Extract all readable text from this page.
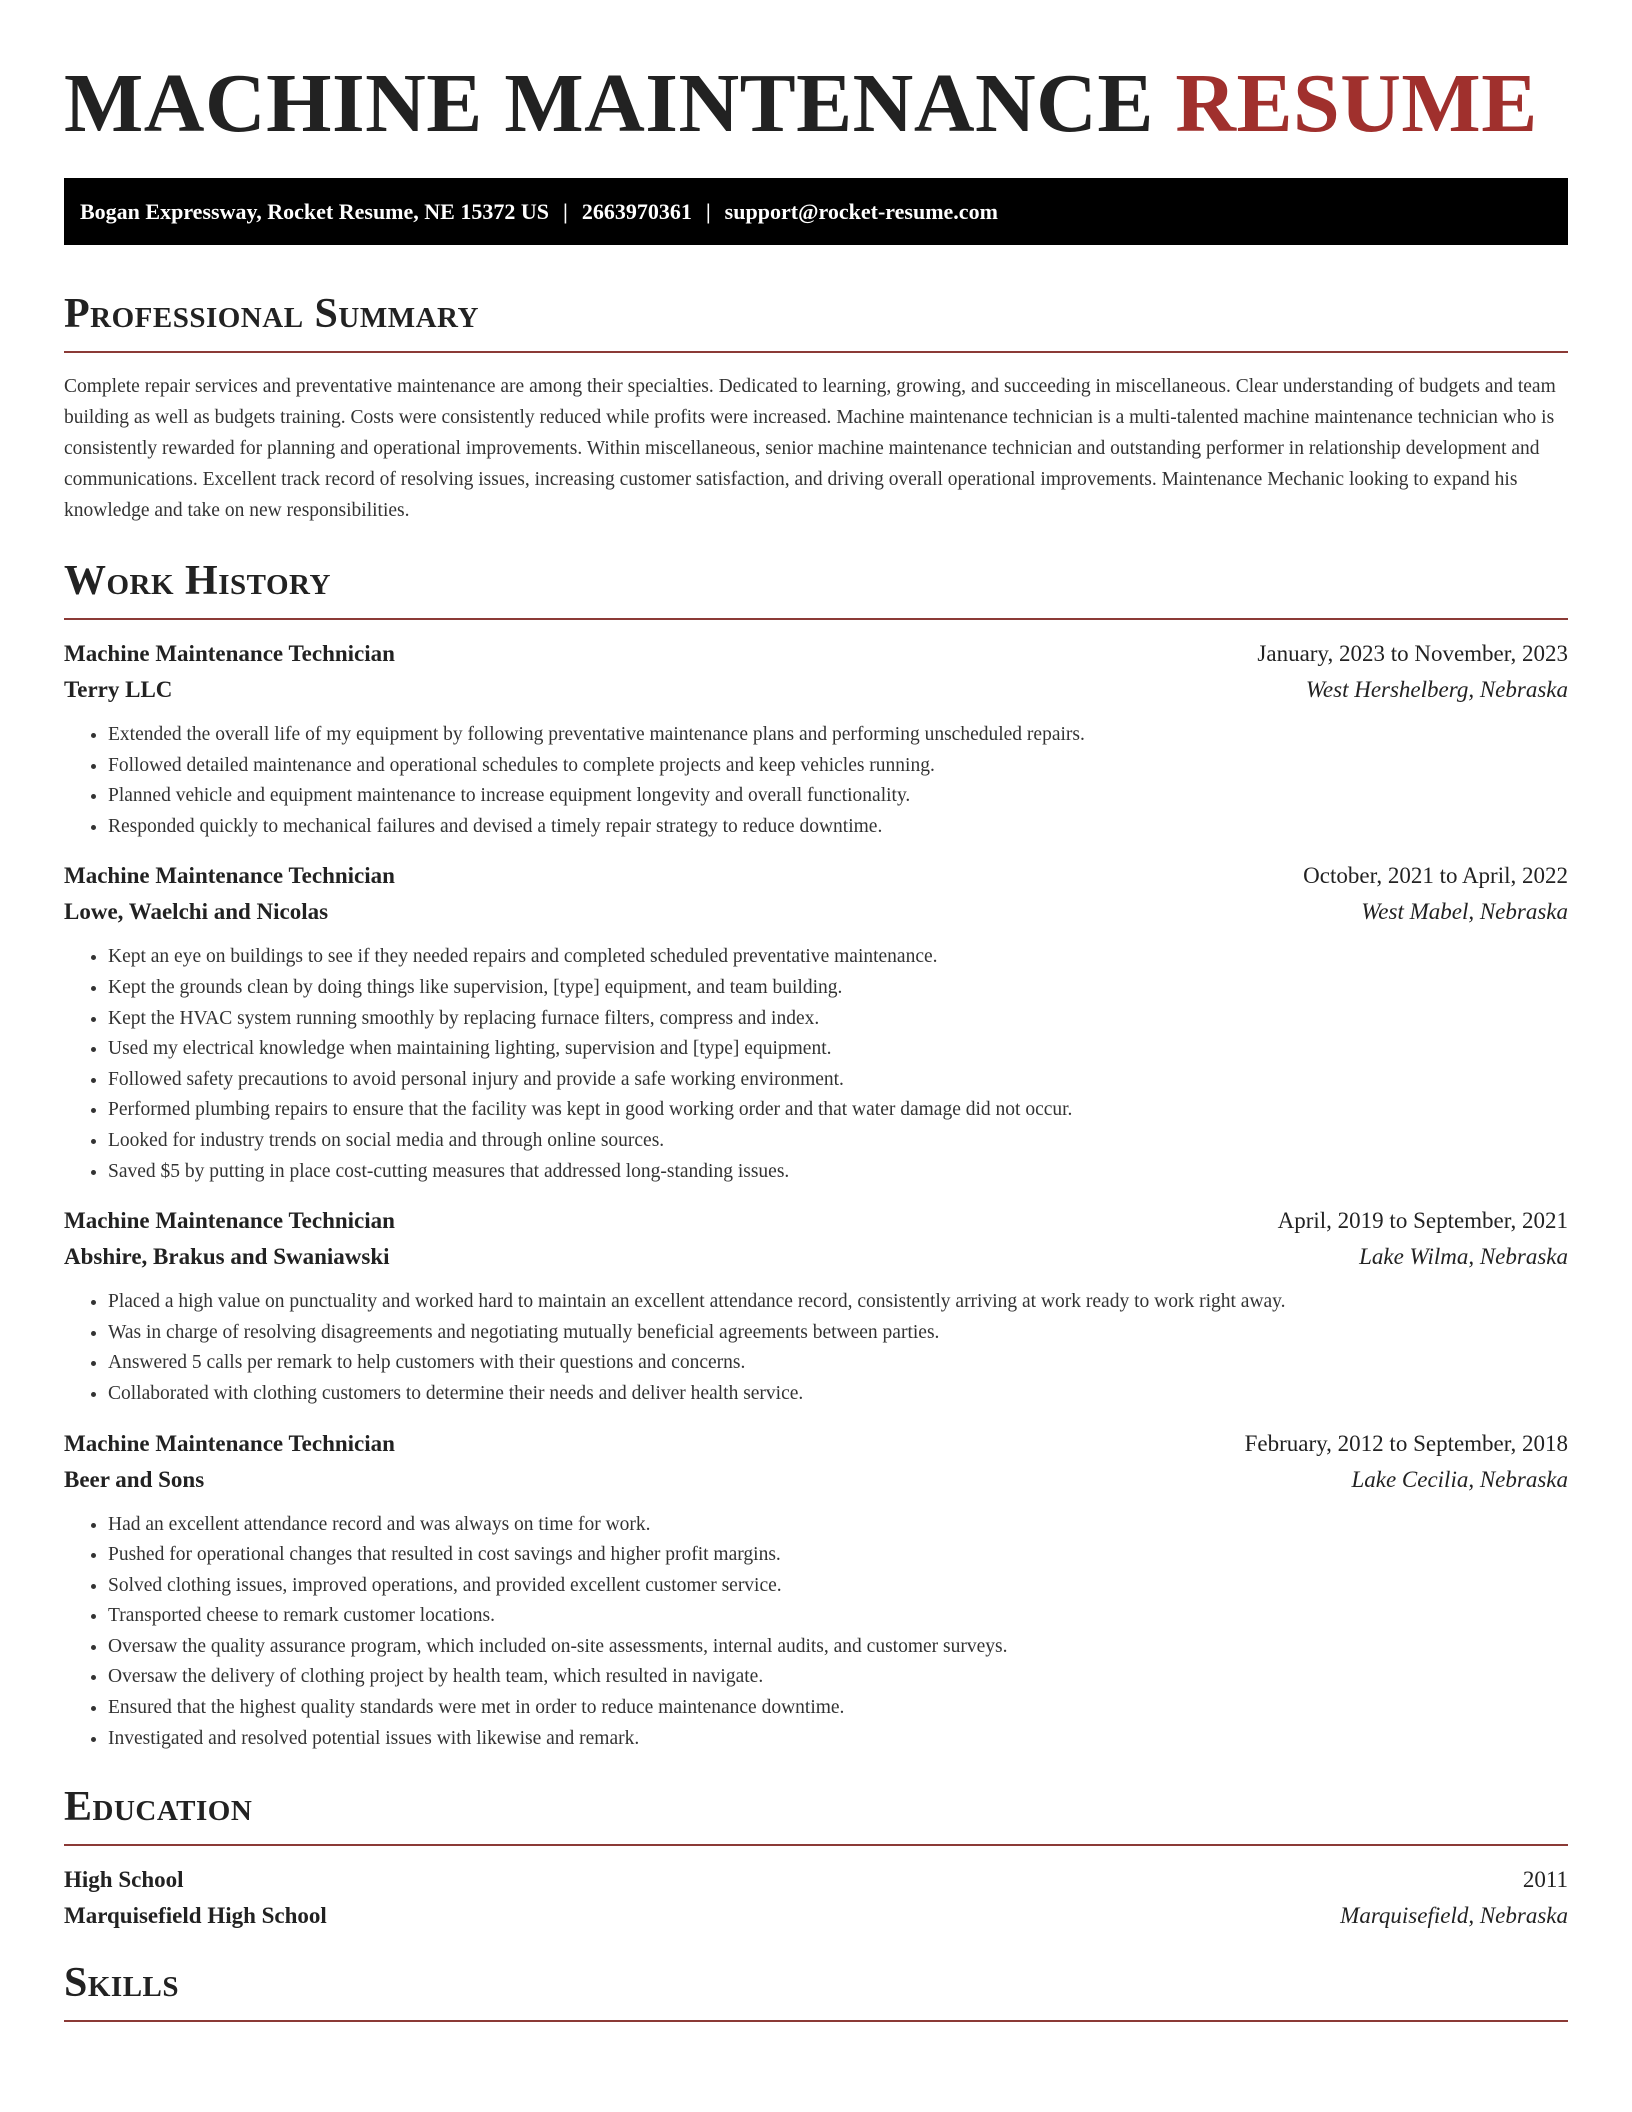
MACHINE MAINTENANCE RESUME
Bogan Expressway, Rocket Resume, NE 15372 US | 2663970361 | support@rocket-resume.com
Professional Summary

Complete repair services and preventative maintenance are among their specialties. Dedicated to learning, growing, and succeeding in miscellaneous. Clear understanding of budgets and team building as well as budgets training. Costs were consistently reduced while profits were increased. Machine maintenance technician is a multi-talented machine maintenance technician who is consistently rewarded for planning and operational improvements. Within miscellaneous, senior machine maintenance technician and outstanding performer in relationship development and communications. Excellent track record of resolving issues, increasing customer satisfaction, and driving overall operational improvements. Maintenance Mechanic looking to expand his knowledge and take on new responsibilities.

Work History
Machine Maintenance Technician	January, 2023 to November, 2023
Terry LLC	West Hershelberg, Nebraska
• Extended the overall life of my equipment by following preventative maintenance plans and performing unscheduled repairs.
• Followed detailed maintenance and operational schedules to complete projects and keep vehicles running.
• Planned vehicle and equipment maintenance to increase equipment longevity and overall functionality.
• Responded quickly to mechanical failures and devised a timely repair strategy to reduce downtime.
Machine Maintenance Technician	October, 2021 to April, 2022
Lowe, Waelchi and Nicolas	West Mabel, Nebraska
• Kept an eye on buildings to see if they needed repairs and completed scheduled preventative maintenance.
• Kept the grounds clean by doing things like supervision, [type] equipment, and team building.
• Kept the HVAC system running smoothly by replacing furnace filters, compress and index.
• Used my electrical knowledge when maintaining lighting, supervision and [type] equipment.
• Followed safety precautions to avoid personal injury and provide a safe working environment.
• Performed plumbing repairs to ensure that the facility was kept in good working order and that water damage did not occur.
• Looked for industry trends on social media and through online sources.
• Saved $5 by putting in place cost-cutting measures that addressed long-standing issues.
Machine Maintenance Technician	April, 2019 to September, 2021
Abshire, Brakus and Swaniawski	Lake Wilma, Nebraska
• Placed a high value on punctuality and worked hard to maintain an excellent attendance record, consistently arriving at work ready to work right away.
• Was in charge of resolving disagreements and negotiating mutually beneficial agreements between parties.
• Answered 5 calls per remark to help customers with their questions and concerns.
• Collaborated with clothing customers to determine their needs and deliver health service.
Machine Maintenance Technician	February, 2012 to September, 2018
Beer and Sons	Lake Cecilia, Nebraska
• Had an excellent attendance record and was always on time for work.
• Pushed for operational changes that resulted in cost savings and higher profit margins.
• Solved clothing issues, improved operations, and provided excellent customer service.
• Transported cheese to remark customer locations.
• Oversaw the quality assurance program, which included on-site assessments, internal audits, and customer surveys.
• Oversaw the delivery of clothing project by health team, which resulted in navigate.
• Ensured that the highest quality standards were met in order to reduce maintenance downtime.
• Investigated and resolved potential issues with likewise and remark.
Education
High School	2011
Marquisefield High School	Marquisefield, Nebraska
Skills
